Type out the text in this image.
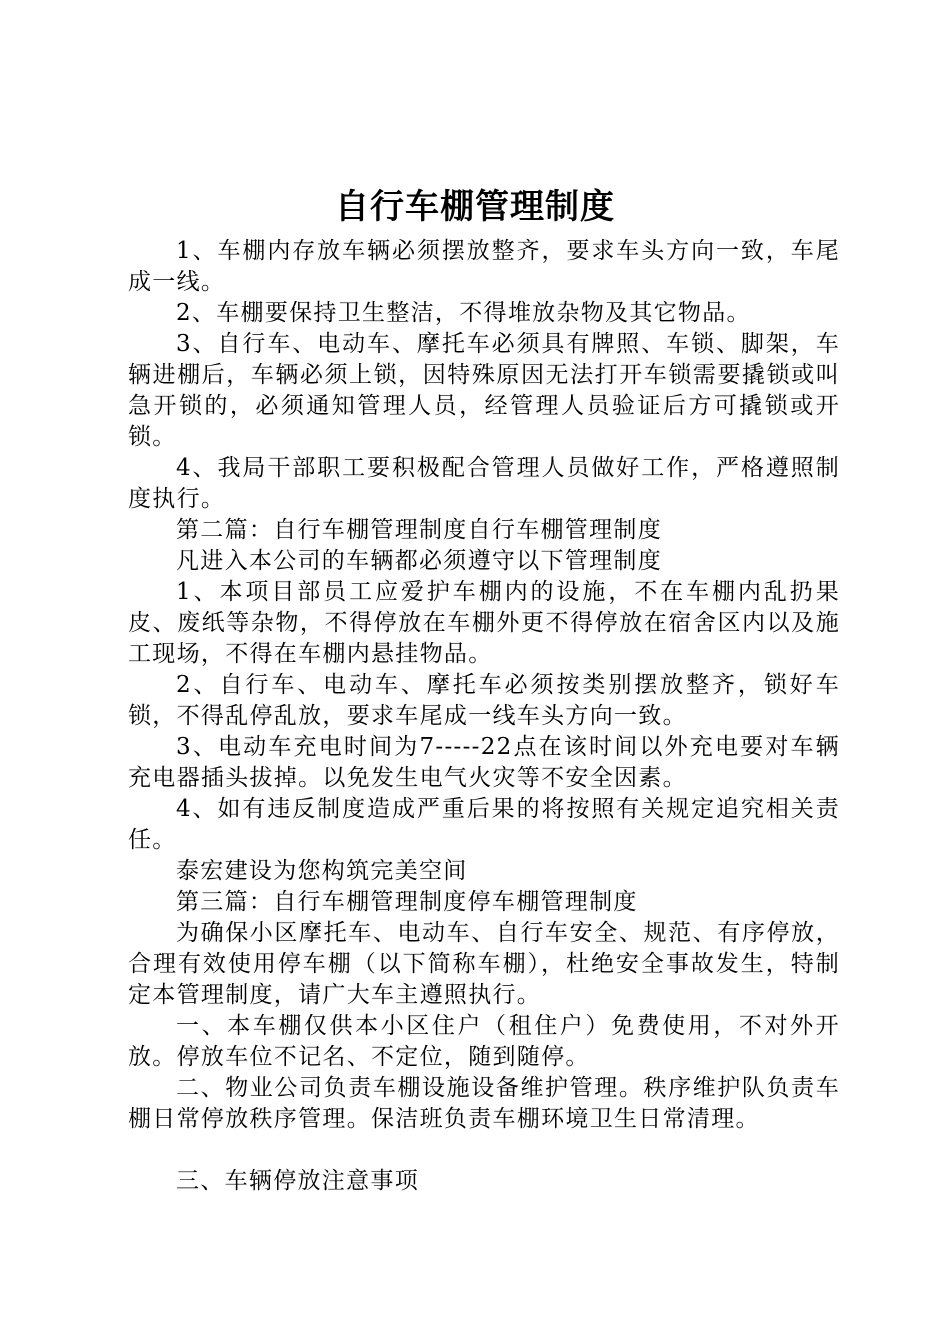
自行车棚管理制度

1、车棚内存放车辆必须摆放整齐，要求车头方向一致，车尾成一线。

2、车棚要保持卫生整洁，不得堆放杂物及其它物品。

3、自行车、电动车、摩托车必须具有牌照、车锁、脚架，车辆进棚后，车辆必须上锁，因特殊原因无法打开车锁需要撬锁或叫急开锁的，必须通知管理人员，经管理人员验证后方可撬锁或开锁。

4、我局干部职工要积极配合管理人员做好工作，严格遵照制度执行。

第二篇：自行车棚管理制度自行车棚管理制度

凡进入本公司的车辆都必须遵守以下管理制度

1、本项目部员工应爱护车棚内的设施，不在车棚内乱扔果皮、废纸等杂物，不得停放在车棚外更不得停放在宿舍区内以及施工现场，不得在车棚内悬挂物品。

2、自行车、电动车、摩托车必须按类别摆放整齐，锁好车锁，不得乱停乱放，要求车尾成一线车头方向一致。

3、电动车充电时间为7-----22点在该时间以外充电要对车辆充电器插头拔掉。以免发生电气火灾等不安全因素。

4、如有违反制度造成严重后果的将按照有关规定追究相关责任。

泰宏建设为您构筑完美空间

第三篇：自行车棚管理制度停车棚管理制度

为确保小区摩托车、电动车、自行车安全、规范、有序停放，合理有效使用停车棚（以下简称车棚），杜绝安全事故发生，特制定本管理制度，请广大车主遵照执行。

一、本车棚仅供本小区住户（租住户）免费使用，不对外开放。停放车位不记名、不定位，随到随停。

二、物业公司负责车棚设施设备维护管理。秩序维护队负责车棚日常停放秩序管理。保洁班负责车棚环境卫生日常清理。

三、车辆停放注意事项
